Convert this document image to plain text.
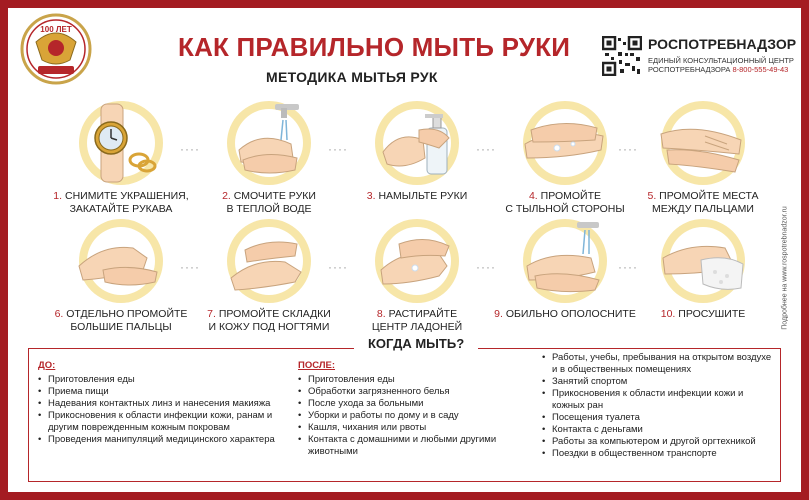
100 ЛЕТ
КАК ПРАВИЛЬНО МЫТЬ РУКИ
МЕТОДИКА МЫТЬЯ РУК
РОСПОТРЕБНАДЗОР
ЕДИНЫЙ КОНСУЛЬТАЦИОННЫЙ ЦЕНТР
РОСПОТРЕБНАДЗОРА 8-800-555-49-43
Подробнее на www.rospotrebnadzor.ru
1. СНИМИТЕ УКРАШЕНИЯ,
ЗАКАТАЙТЕ РУКАВА
2. СМОЧИТЕ РУКИ
В ТЕПЛОЙ ВОДЕ
3. НАМЫЛЬТЕ РУКИ	4. ПРОМОЙТЕ
С ТЫЛЬНОЙ СТОРОНЫ
5. ПРОМОЙТЕ МЕСТА
МЕЖДУ ПАЛЬЦАМИ
····	····	····	····
6. ОТДЕЛЬНО ПРОМОЙТЕ
БОЛЬШИЕ ПАЛЬЦЫ
7. ПРОМОЙТЕ СКЛАДКИ
И КОЖУ ПОД НОГТЯМИ
8. РАСТИРАЙТЕ
ЦЕНТР ЛАДОНЕЙ
9. ОБИЛЬНО ОПОЛОСНИТЕ	10. ПРОСУШИТЕ
····	····	····	····
КОГДА МЫТЬ?
ДО:
• Приготовления еды
• Приема пищи
• Надевания контактных линз и нанесения макияжа
• Прикосновения к области инфекции кожи, ранам и другим поврежденным кожным покровам
• Проведения манипуляций медицинского характера
ПОСЛЕ:
• Приготовления еды
• Обработки загрязненного белья
• После ухода за больными
• Уборки и работы по дому и в саду
• Кашля, чихания или рвоты
• Контакта с домашними и любыми другими животными
• Работы, учебы, пребывания на открытом воздухе и в общественных помещениях
• Занятий спортом
• Прикосновения к области инфекции кожи и кожных ран
• Посещения туалета
• Контакта с деньгами
• Работы за компьютером и другой оргтехникой
• Поездки в общественном транспорте
